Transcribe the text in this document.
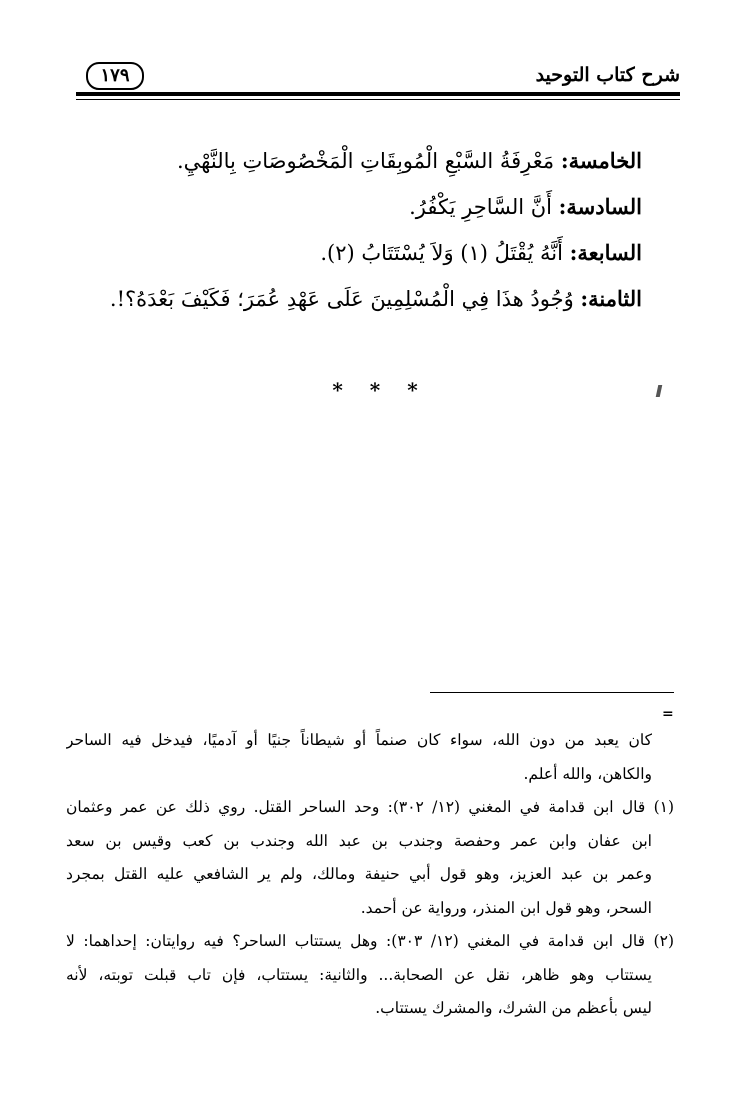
١٧٩	شرح كتاب التوحيد
الخامسة: مَعْرِفَةُ السَّبْعِ الْمُوبِقَاتِ الْمَخْصُوصَاتِ بِالنَّهْيِ.
السادسة: أَنَّ السَّاحِرِ يَكْفُرُ.
السابعة: أَنَّهُ يُقْتَلُ (١) وَلاَ يُسْتَتَابُ (٢).
الثامنة: وُجُودُ هذَا فِي الْمُسْلِمِينَ عَلَى عَهْدِ عُمَرَ؛ فَكَيْفَ بَعْدَهُ؟!.
* * *
=
كان يعبد من دون الله، سواء كان صنماً أو شيطاناً جنيًا أو آدميًا، فيدخل فيه الساحر
والكاهن، والله أعلم.
(١) قال ابن قدامة في المغني (١٢/ ٣٠٢): وحد الساحر القتل. روي ذلك عن عمر وعثمان
ابن عفان وابن عمر وحفصة وجندب بن عبد الله وجندب بن كعب وقيس بن سعد
وعمر بن عبد العزيز، وهو قول أبي حنيفة ومالك، ولم ير الشافعي عليه القتل بمجرد
السحر، وهو قول ابن المنذر، ورواية عن أحمد.
(٢) قال ابن قدامة في المغني (١٢/ ٣٠٣): وهل يستتاب الساحر؟ فيه روايتان: إحداهما: لا
يستتاب وهو ظاهر، نقل عن الصحابة... والثانية: يستتاب، فإن تاب قبلت توبته، لأنه
ليس بأعظم من الشرك، والمشرك يستتاب.
